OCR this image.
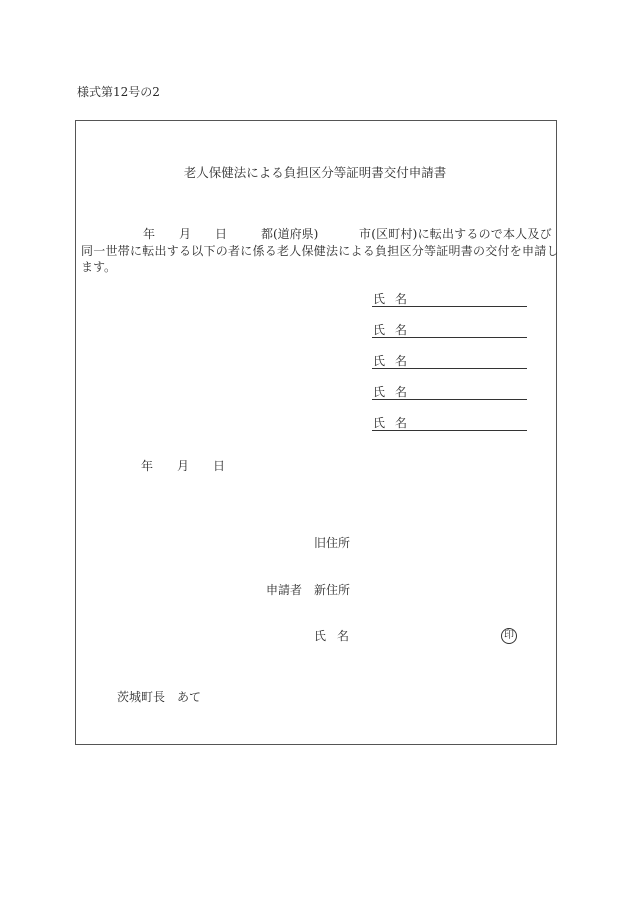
様式第12号の2
老人保健法による負担区分等証明書交付申請書
年 月 日	都(道府県)	市(区町村)に転出するので本人及び
同一世帯に転出する以下の者に係る老人保健法による負担区分等証明書の交付を申請し
ます。
氏 名
氏 名
氏 名
氏 名
氏 名
年 月 日
旧住所
申請者 新住所
氏 名	印
茨城町長 あて
